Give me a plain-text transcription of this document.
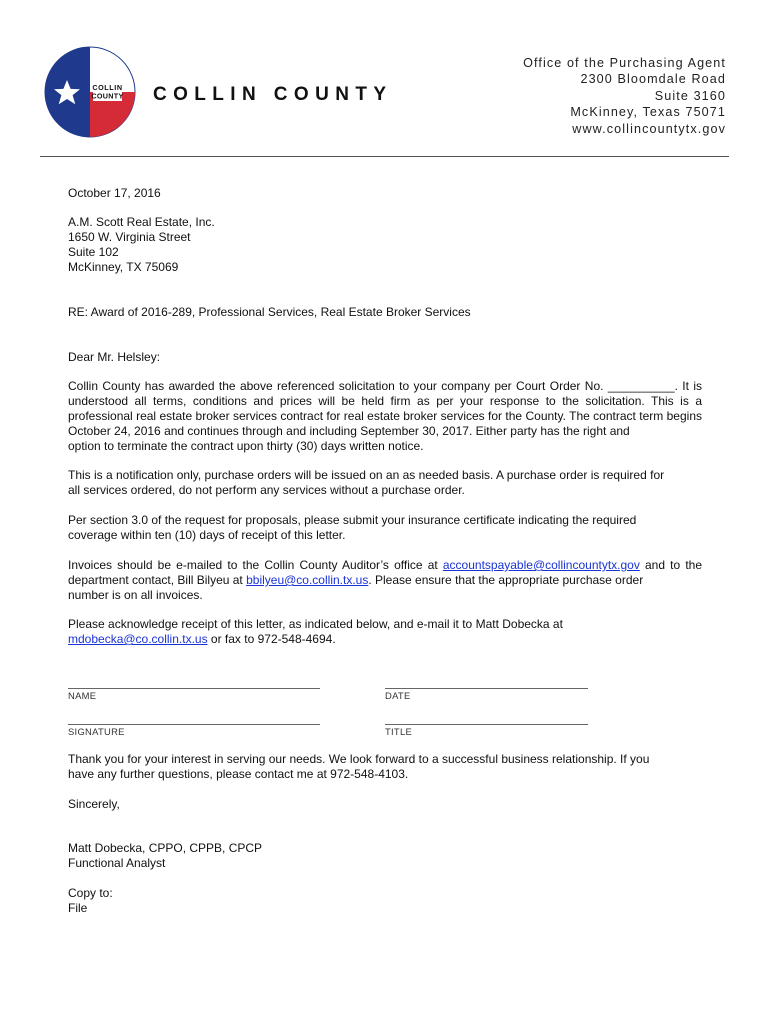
COLLIN
COUNTY COLLIN COUNTY
Office of the Purchasing Agent
2300 Bloomdale Road
Suite 3160
McKinney, Texas 75071
www.collincountytx.gov
October 17, 2016
A.M. Scott Real Estate, Inc.
1650 W. Virginia Street
Suite 102
McKinney, TX 75069
RE: Award of 2016-289, Professional Services, Real Estate Broker Services
Dear Mr. Helsley:
Collin County has awarded the above referenced solicitation to your company per Court Order No. __________. It is understood all terms, conditions and prices will be held firm as per your response to the solicitation. This is a professional real estate broker services contract for real estate broker services for the County. The contract term begins October 24, 2016 and continues through and including September 30, 2017. Either party has the right and
option to terminate the contract upon thirty (30) days written notice.
This is a notification only, purchase orders will be issued on an as needed basis. A purchase order is required for
all services ordered, do not perform any services without a purchase order.
Per section 3.0 of the request for proposals, please submit your insurance certificate indicating the required
coverage within ten (10) days of receipt of this letter.
Invoices should be e-mailed to the Collin County Auditor’s office at accountspayable@collincountytx.gov and to the department contact, Bill Bilyeu at bbilyeu@co.collin.tx.us. Please ensure that the appropriate purchase order
number is on all invoices.
Please acknowledge receipt of this letter, as indicated below, and e-mail it to Matt Dobecka at
mdobecka@co.collin.tx.us or fax to 972-548-4694.
NAME	DATE
SIGNATURE	TITLE
Thank you for your interest in serving our needs. We look forward to a successful business relationship. If you
have any further questions, please contact me at 972-548-4103.
Sincerely,
Matt Dobecka, CPPO, CPPB, CPCP
Functional Analyst
Copy to:
File
